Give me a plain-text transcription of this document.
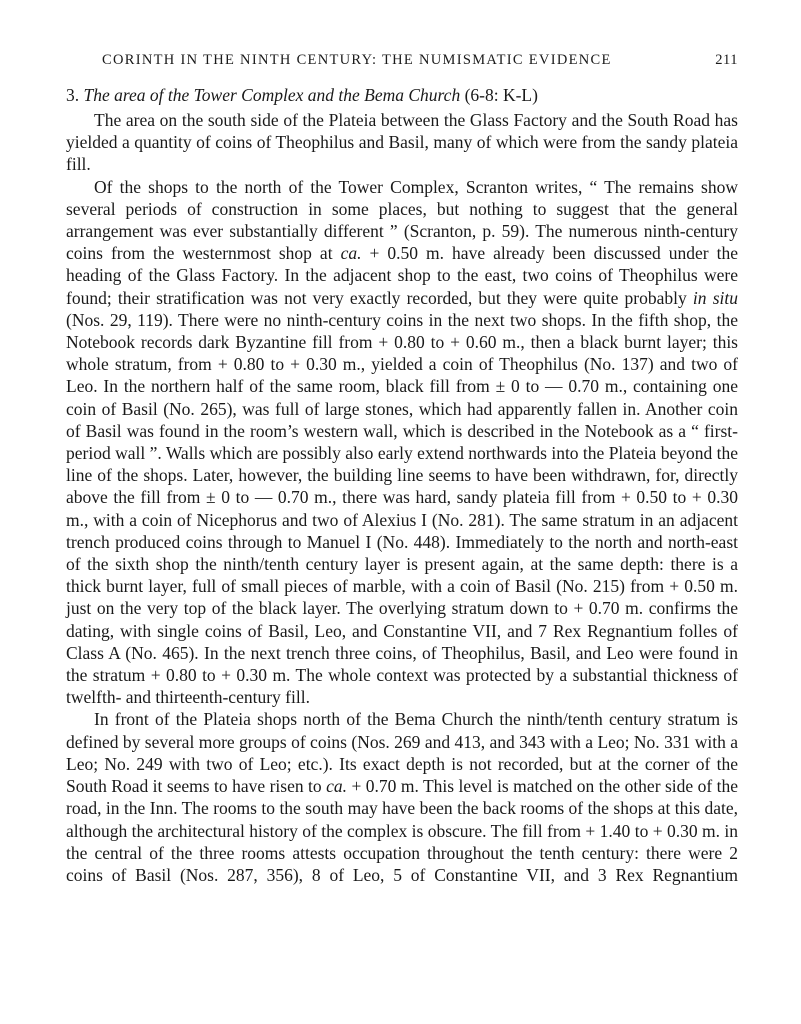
CORINTH IN THE NINTH CENTURY: THE NUMISMATIC EVIDENCE	211
3. The area of the Tower Complex and the Bema Church (6-8: K-L)

The area on the south side of the Plateia between the Glass Factory and the South Road has yielded a quantity of coins of Theophilus and Basil, many of which were from the sandy plateia fill.

Of the shops to the north of the Tower Complex, Scranton writes, “ The remains show several periods of construction in some places, but nothing to suggest that the general arrangement was ever substantially different ” (Scranton, p. 59). The numerous ninth-century coins from the westernmost shop at ca. + 0.50 m. have already been discussed under the heading of the Glass Factory. In the adjacent shop to the east, two coins of Theophilus were found; their stratification was not very exactly recorded, but they were quite probably in situ (Nos. 29, 119). There were no ninth-century coins in the next two shops. In the fifth shop, the Notebook records dark Byzantine fill from + 0.80 to + 0.60 m., then a black burnt layer; this whole stratum, from + 0.80 to + 0.30 m., yielded a coin of Theophilus (No. 137) and two of Leo. In the northern half of the same room, black fill from ± 0 to — 0.70 m., containing one coin of Basil (No. 265), was full of large stones, which had apparently fallen in. Another coin of Basil was found in the room’s western wall, which is described in the Notebook as a “ first-period wall ”. Walls which are possibly also early extend northwards into the Plateia beyond the line of the shops. Later, however, the building line seems to have been withdrawn, for, directly above the fill from ± 0 to — 0.70 m., there was hard, sandy plateia fill from + 0.50 to + 0.30 m., with a coin of Nicephorus and two of Alexius I (No. 281). The same stratum in an adjacent trench produced coins through to Manuel I (No. 448). Immediately to the north and north-east of the sixth shop the ninth/tenth century layer is present again, at the same depth: there is a thick burnt layer, full of small pieces of marble, with a coin of Basil (No. 215) from + 0.50 m. just on the very top of the black layer. The overlying stratum down to + 0.70 m. confirms the dating, with single coins of Basil, Leo, and Constantine VII, and 7 Rex Regnantium folles of Class A (No. 465). In the next trench three coins, of Theophilus, Basil, and Leo were found in the stratum + 0.80 to + 0.30 m. The whole context was protected by a substantial thickness of twelfth- and thirteenth-century fill.

In front of the Plateia shops north of the Bema Church the ninth/tenth century stratum is defined by several more groups of coins (Nos. 269 and 413, and 343 with a Leo; No. 331 with a Leo; No. 249 with two of Leo; etc.). Its exact depth is not recorded, but at the corner of the South Road it seems to have risen to ca. + 0.70 m. This level is matched on the other side of the road, in the Inn. The rooms to the south may have been the back rooms of the shops at this date, although the architectural history of the complex is obscure. The fill from + 1.40 to + 0.30 m. in the central of the three rooms attests occupation throughout the tenth century: there were 2 coins of Basil (Nos. 287, 356), 8 of Leo, 5 of Constantine VII, and 3 Rex Regnantium
